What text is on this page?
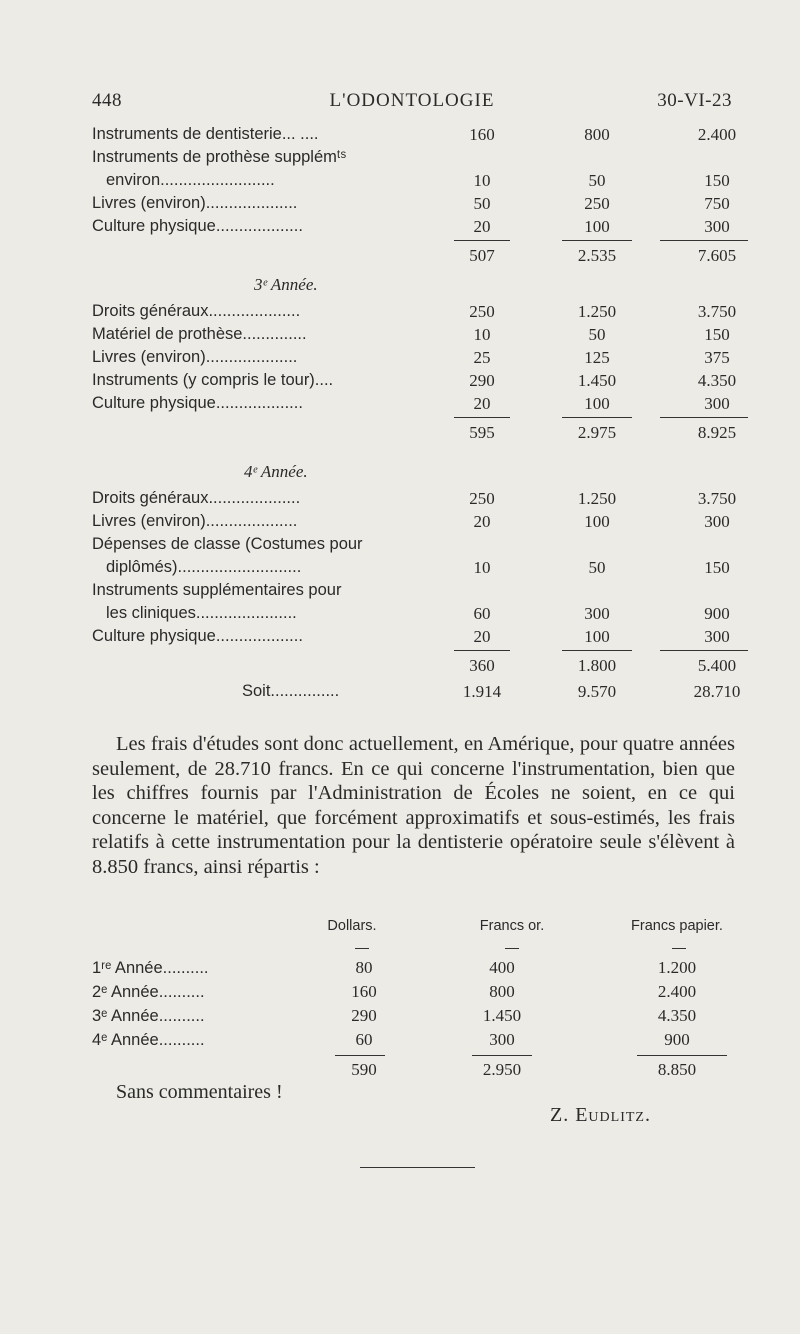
448	L'ODONTOLOGIE	30-VI-23
Instruments de dentisterie... ....	160	800	2.400
Instruments de prothèse supplémᵗˢ
environ.........................	10	50	150
Livres (environ)....................	50	250	750
Culture physique...................	20	100	300
507	2.535	7.605
3ᵉ Année.
Droits généraux....................	250	1.250	3.750
Matériel de prothèse..............	10	50	150
Livres (environ)....................	25	125	375
Instruments (y compris le tour)....	290	1.450	4.350
Culture physique...................	20	100	300
595	2.975	8.925
4ᵉ Année.
Droits généraux....................	250	1.250	3.750
Livres (environ)....................	20	100	300
Dépenses de classe (Costumes pour
diplômés)...........................	10	50	150
Instruments supplémentaires pour
les cliniques......................	60	300	900
Culture physique...................	20	100	300
360	1.800	5.400
Soit...............	1.914	9.570	28.710

Les frais d'études sont donc actuellement, en Amérique, pour quatre années seulement, de 28.710 francs. En ce qui concerne l'instrumentation, bien que les chiffres fournis par l'Administration de Écoles ne soient, en ce qui concerne le matériel, que forcément approximatifs et sous-estimés, les frais relatifs à cette instrumentation pour la dentisterie opératoire seule s'élèvent à 8.850 francs, ainsi répartis :

Dollars.	Francs or.	Francs papier.
1ʳᵉ Année..........	80	400	1.200
2ᵉ Année..........	160	800	2.400
3ᵉ Année..........	290	1.450	4.350
4ᵉ Année..........	60	300	900
590	2.950	8.850
Sans commentaires !
Z. Eudlitz.
